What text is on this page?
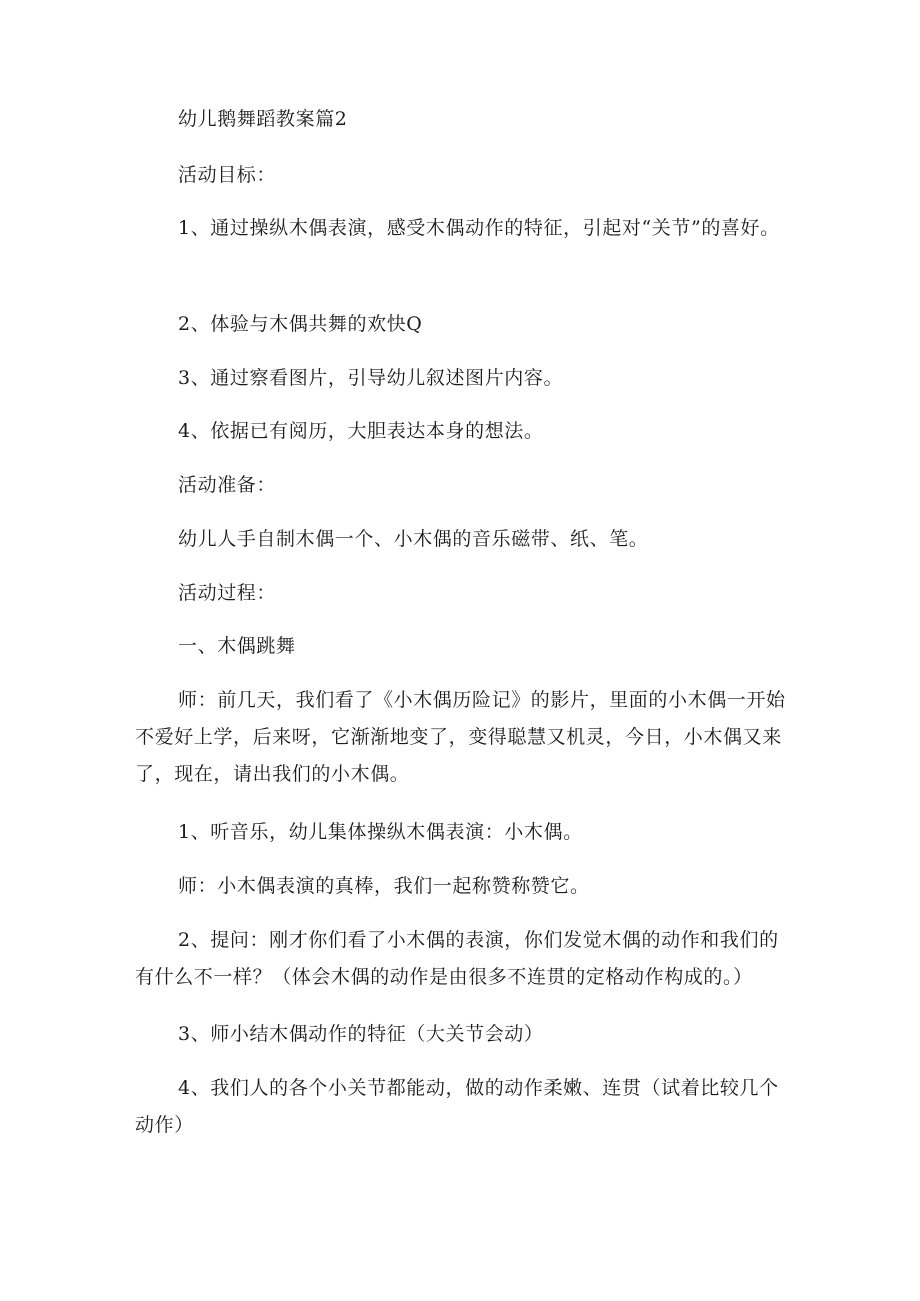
幼儿鹅舞蹈教案篇2

活动目标：

1、通过操纵木偶表演，感受木偶动作的特征，引起对“关节”的喜好。

2、体验与木偶共舞的欢快Q

3、通过察看图片，引导幼儿叙述图片内容。

4、依据已有阅历，大胆表达本身的想法。

活动准备：

幼儿人手自制木偶一个、小木偶的音乐磁带、纸、笔。

活动过程：

一、木偶跳舞

师：前几天，我们看了《小木偶历险记》的影片，里面的小木偶一开始不爱好上学，后来呀，它渐渐地变了，变得聪慧又机灵，今日，小木偶又来了，现在，请出我们的小木偶。

1、听音乐，幼儿集体操纵木偶表演：小木偶。

师：小木偶表演的真棒，我们一起称赞称赞它。

2、提问：刚才你们看了小木偶的表演，你们发觉木偶的动作和我们的有什么不一样？（体会木偶的动作是由很多不连贯的定格动作构成的。）

3、师小结木偶动作的特征（大关节会动）

4、我们人的各个小关节都能动，做的动作柔嫩、连贯（试着比较几个动作）
